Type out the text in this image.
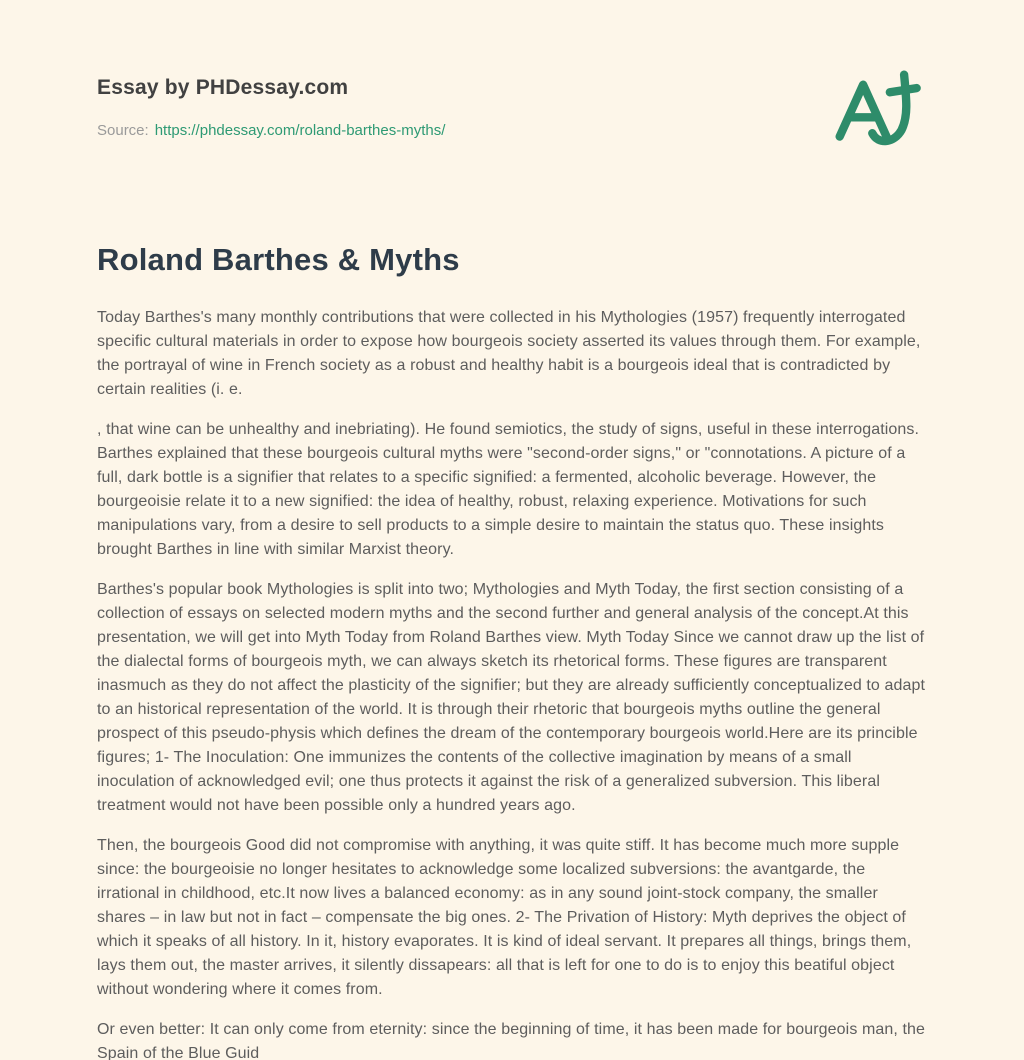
Essay by PHDessay.com
Source: https://phdessay.com/roland-barthes-myths/
Roland Barthes & Myths

Today Barthes's many monthly contributions that were collected in his Mythologies (1957) frequently interrogated specific cultural materials in order to expose how bourgeois society asserted its values through them. For example, the portrayal of wine in French society as a robust and healthy habit is a bourgeois ideal that is contradicted by certain realities (i. e.

, that wine can be unhealthy and inebriating). He found semiotics, the study of signs, useful in these interrogations. Barthes explained that these bourgeois cultural myths were "second-order signs," or "connotations. A picture of a full, dark bottle is a signifier that relates to a specific signified: a fermented, alcoholic beverage. However, the bourgeoisie relate it to a new signified: the idea of healthy, robust, relaxing experience. Motivations for such manipulations vary, from a desire to sell products to a simple desire to maintain the status quo. These insights brought Barthes in line with similar Marxist theory.

Barthes's popular book Mythologies is split into two; Mythologies and Myth Today, the first section consisting of a collection of essays on selected modern myths and the second further and general analysis of the concept.At this presentation, we will get into Myth Today from Roland Barthes view. Myth Today Since we cannot draw up the list of the dialectal forms of bourgeois myth, we can always sketch its rhetorical forms. These figures are transparent inasmuch as they do not affect the plasticity of the signifier; but they are already sufficiently conceptualized to adapt to an historical representation of the world. It is through their rhetoric that bourgeois myths outline the general prospect of this pseudo-physis which defines the dream of the contemporary bourgeois world.Here are its princible figures; 1- The Inoculation: One immunizes the contents of the collective imagination by means of a small inoculation of acknowledged evil; one thus protects it against the risk of a generalized subversion. This liberal treatment would not have been possible only a hundred years ago.

Then, the bourgeois Good did not compromise with anything, it was quite stiff. It has become much more supple since: the bourgeoisie no longer hesitates to acknowledge some localized subversions: the avantgarde, the irrational in childhood, etc.It now lives a balanced economy: as in any sound joint-stock company, the smaller shares – in law but not in fact – compensate the big ones. 2- The Privation of History: Myth deprives the object of which it speaks of all history. In it, history evaporates. It is kind of ideal servant. It prepares all things, brings them, lays them out, the master arrives, it silently dissapears: all that is left for one to do is to enjoy this beatiful object without wondering where it comes from.

Or even better: It can only come from eternity: since the beginning of time, it has been made for bourgeois man, the Spain of the Blue Guid
